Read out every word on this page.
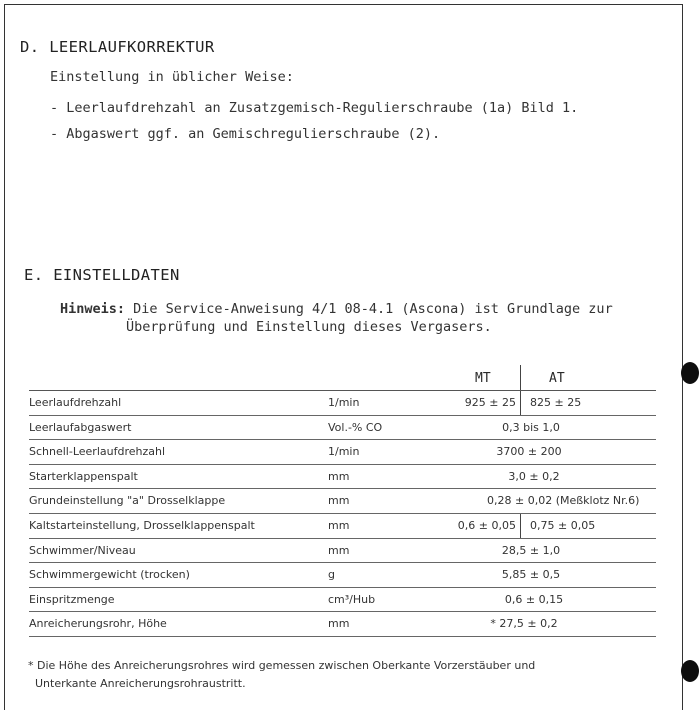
D. LEERLAUFKORREKTUR
Einstellung in üblicher Weise:
- Leerlaufdrehzahl an Zusatzgemisch-Regulierschraube (1a) Bild 1.
- Abgaswert ggf. an Gemischregulierschraube (2).
E. EINSTELLDATEN
Hinweis: Die Service-Anweisung 4/1 08-4.1 (Ascona) ist Grundlage zur
Überprüfung und Einstellung dieses Vergasers.
MT	AT
Leerlaufdrehzahl	1/min	925 ± 25 825 ± 25
Leerlaufabgaswert	Vol.-% CO	0,3 bis 1,0
Schnell-Leerlaufdrehzahl	1/min	3700 ± 200
Starterklappenspalt	mm	3,0 ± 0,2
Grundeinstellung "a" Drosselklappe	mm	0,28 ± 0,02 (Meßklotz Nr.6)
Kaltstarteinstellung, Drosselklappenspalt	mm	0,6 ± 0,05 0,75 ± 0,05
Schwimmer/Niveau	mm	28,5 ± 1,0
Schwimmergewicht (trocken)	g	5,85 ± 0,5
Einspritzmenge	cm³/Hub	0,6 ± 0,15
Anreicherungsrohr, Höhe	mm	* 27,5 ± 0,2
* Die Höhe des Anreicherungsrohres wird gemessen zwischen Oberkante Vorzerstäuber und
Unterkante Anreicherungsrohraustritt.
